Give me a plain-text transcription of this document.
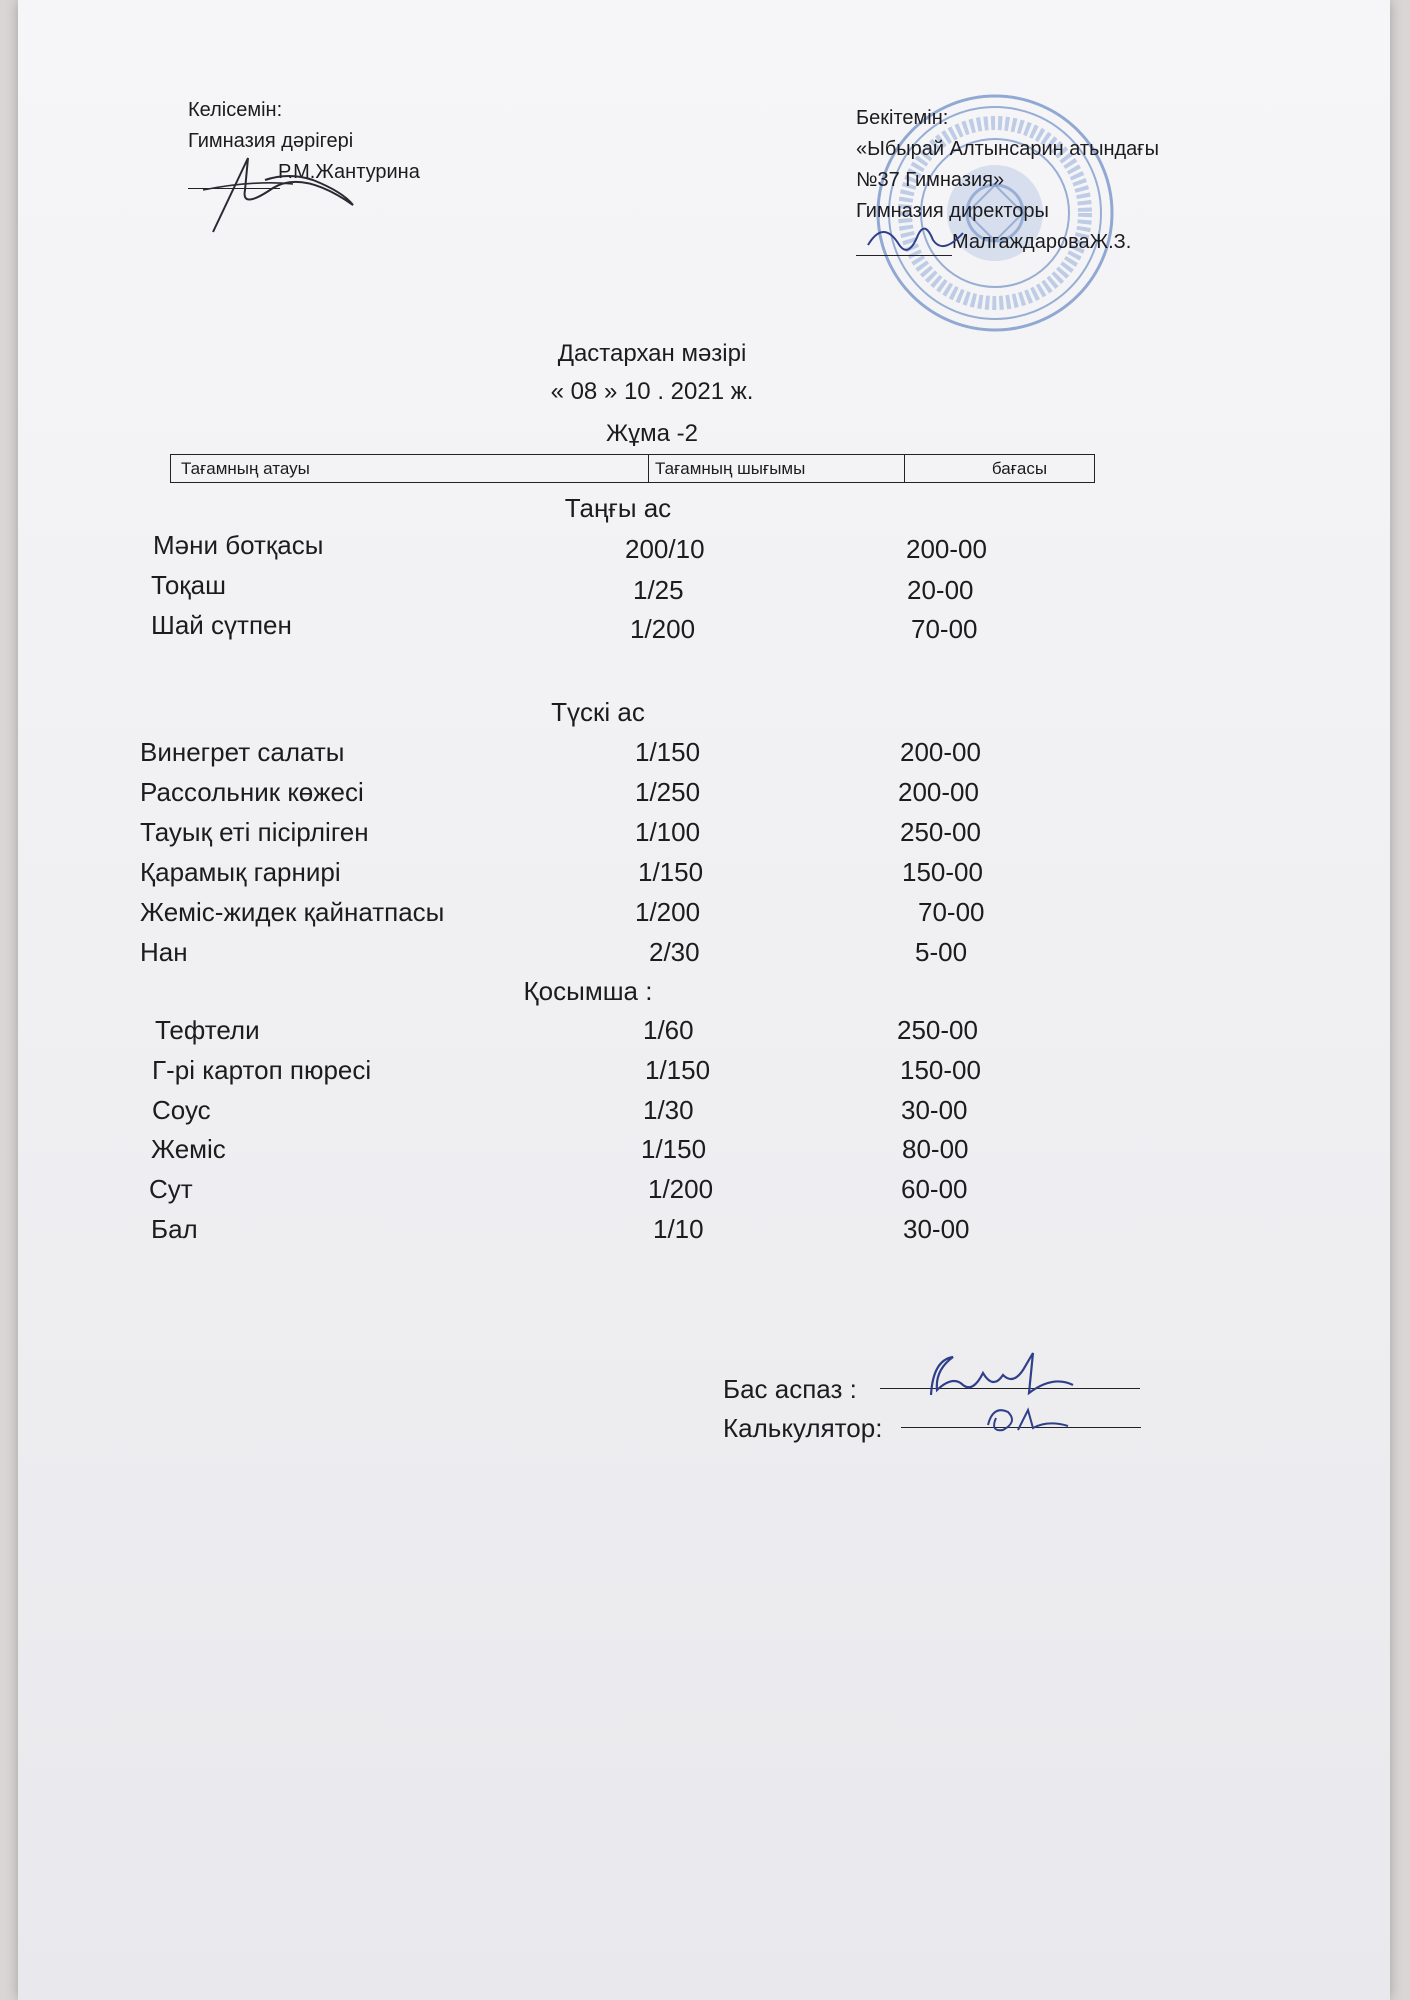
Келісемін:
Гимназия дәрігері
Р.М.Жантурина
Бекітемін:
«Ыбырай Алтынсарин атындағы
№37 Гимназия»
Гимназия директоры
МалгаждароваЖ.З.
Дастархан мәзірі
« 08 » 10 . 2021 ж.
Жұма -2
Тағамның атауы	Тағамның шығымы	бағасы
Таңғы ас
Мәни ботқасы	200/10	200-00
Тоқаш	1/25	20-00
Шай сүтпен	1/200	70-00
Түскі ас
Винегрет салаты	1/150	200-00
Рассольник көжесі	1/250	200-00
Тауық еті пісірліген	1/100	250-00
Қарамық гарнирі	1/150	150-00
Жеміс-жидек қайнатпасы	1/200	70-00
Нан	2/30	5-00
Қосымша :
Тефтели	1/60	250-00
Г-рі картоп пюресі	1/150	150-00
Соус	1/30	30-00
Жеміс	1/150	80-00
Сут	1/200	60-00
Бал	1/10	30-00
Бас аспаз :
Калькулятор:
